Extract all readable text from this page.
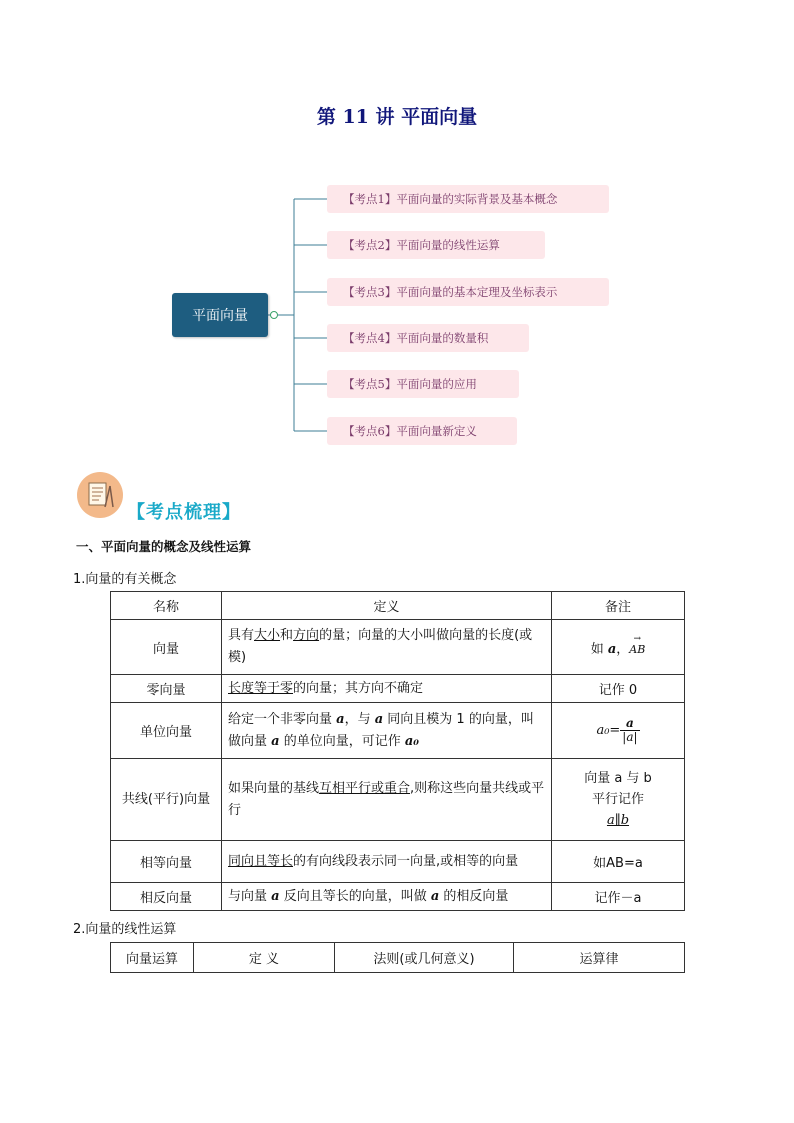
第 11 讲 平面向量
平面向量
【考点1】平面向量的实际背景及基本概念
【考点2】平面向量的线性运算
【考点3】平面向量的基本定理及坐标表示
【考点4】平面向量的数量积
【考点5】平面向量的应用
【考点6】平面向量新定义
【考点梳理】
一、平面向量的概念及线性运算
1.向量的有关概念
名称	定义	备注
向量	具有大小和方向的量；向量的大小叫做向量的长度(或模)	如 a，
→
AB
零向量	长度等于零的向量；其方向不确定	记作 0
单位向量	给定一个非零向量 a，与 a 同向且模为 1 的向量，叫做向量 a 的单位向量，可记作 a₀	$a_0= \frac{a}{|a|}$

共线(平行)向量	如果向量的基线互相平行或重合,则称这些向量共线或平行	向量 a 与 b
平行记作
a∥b

相等向量	同向且等长的有向线段表示同一向量,或相等的向量	如AB=a
相反向量	与向量 a 反向且等长的向量，叫做 a 的相反向量	记作－a
2.向量的线性运算
向量运算	定 义	法则(或几何意义)	运算律
